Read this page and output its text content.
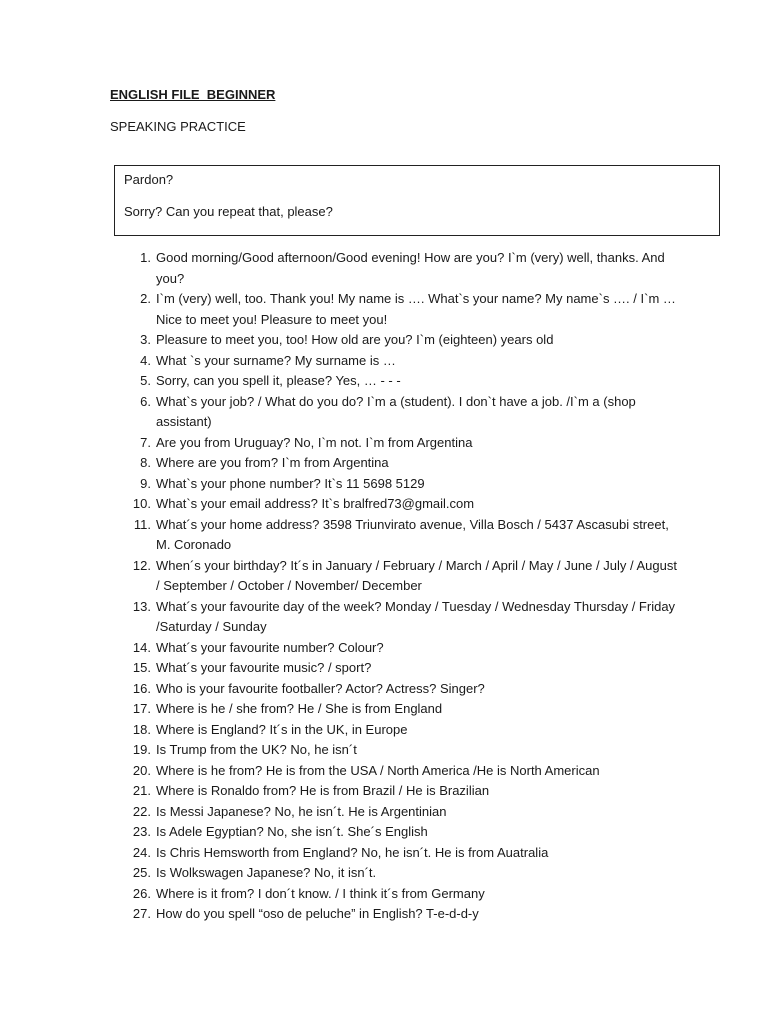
ENGLISH FILE  BEGINNER

SPEAKING PRACTICE

Pardon?

Sorry? Can you repeat that, please?

1. Good morning/Good afternoon/Good evening! How are you? I`m (very) well, thanks. And you?
2. I`m (very) well, too. Thank you! My name is …. What`s your name? My name`s …. / I`m … Nice to meet you! Pleasure to meet you!
3. Pleasure to meet you, too! How old are you? I`m (eighteen) years old
4. What `s your surname? My surname is …
5. Sorry, can you spell it, please? Yes, … - - -
6. What`s your job? / What do you do? I`m a (student). I don`t have a job. /I`m a (shop assistant)
7. Are you from Uruguay? No, I`m not. I`m from Argentina
8. Where are you from? I`m from Argentina
9. What`s your phone number? It`s 11 5698 5129
10. What`s your email address? It`s bralfred73@gmail.com
11. What´s your home address? 3598 Triunvirato avenue, Villa Bosch / 5437 Ascasubi street, M. Coronado
12. When´s your birthday? It´s in January / February / March / April / May / June / July / August / September / October / November/ December
13. What´s your favourite day of the week? Monday / Tuesday / Wednesday Thursday / Friday /Saturday / Sunday
14. What´s your favourite number? Colour?
15. What´s your favourite music? / sport?
16. Who is your favourite footballer? Actor? Actress? Singer?
17. Where is he / she from? He / She is from England
18. Where is England? It´s in the UK, in Europe
19. Is Trump from the UK? No, he isn´t
20. Where is he from? He is from the USA / North America /He is North American
21. Where is Ronaldo from? He is from Brazil / He is Brazilian
22. Is Messi Japanese? No, he isn´t. He is Argentinian
23. Is Adele Egyptian? No, she isn´t. She´s English
24. Is Chris Hemsworth from England? No, he isn´t. He is from Auatralia
25. Is Wolkswagen Japanese? No, it isn´t.
26. Where is it from? I don´t know. / I think it´s from Germany
27. How do you spell “oso de peluche” in English? T-e-d-d-y
